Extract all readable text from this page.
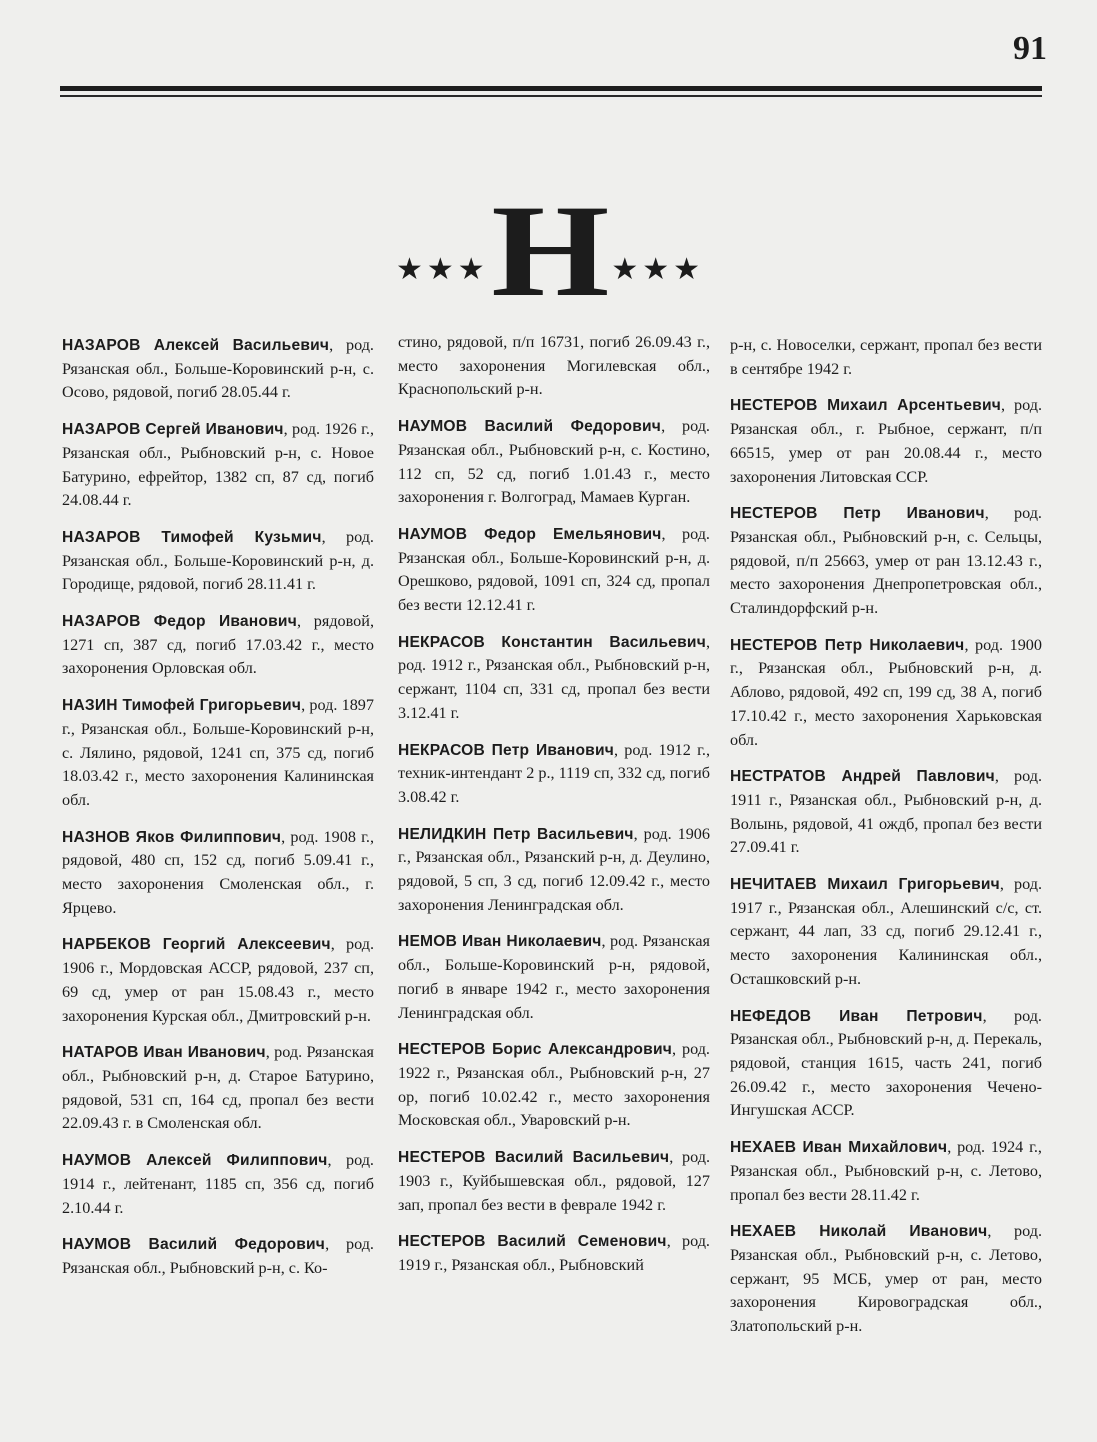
91
★★★ Н ★★★

НАЗАРОВ Алексей Васильевич, род. Рязанская обл., Больше-Коровинский р-н, с. Осово, рядовой, погиб 28.05.44 г.

НАЗАРОВ Сергей Иванович, род. 1926 г., Рязанская обл., Рыбновский р-н, с. Новое Батурино, ефрейтор, 1382 сп, 87 сд, погиб 24.08.44 г.

НАЗАРОВ Тимофей Кузьмич, род. Рязанская обл., Больше-Коровинский р-н, д. Городище, рядовой, погиб 28.11.41 г.

НАЗАРОВ Федор Иванович, рядовой, 1271 сп, 387 сд, погиб 17.03.42 г., место захоронения Орловская обл.

НАЗИН Тимофей Григорьевич, род. 1897 г., Рязанская обл., Больше-Коровинский р-н, с. Лялино, рядовой, 1241 сп, 375 сд, погиб 18.03.42 г., место захоронения Калининская обл.

НАЗНОВ Яков Филиппович, род. 1908 г., рядовой, 480 сп, 152 сд, погиб 5.09.41 г., место захоронения Смоленская обл., г. Ярцево.

НАРБЕКОВ Георгий Алексеевич, род. 1906 г., Мордовская АССР, рядовой, 237 сп, 69 сд, умер от ран 15.08.43 г., место захоронения Курская обл., Дмитровский р-н.

НАТАРОВ Иван Иванович, род. Рязанская обл., Рыбновский р-н, д. Старое Батурино, рядовой, 531 сп, 164 сд, пропал без вести 22.09.43 г. в Смоленская обл.

НАУМОВ Алексей Филиппович, род. 1914 г., лейтенант, 1185 сп, 356 сд, погиб 2.10.44 г.

НАУМОВ Василий Федорович, род. Рязанская обл., Рыбновский р-н, с. Ко-

стино, рядовой, п/п 16731, погиб 26.09.43 г., место захоронения Могилевская обл., Краснопольский р-н.

НАУМОВ Василий Федорович, род. Рязанская обл., Рыбновский р-н, с. Костино, 112 сп, 52 сд, погиб 1.01.43 г., место захоронения г. Волгоград, Мамаев Курган.

НАУМОВ Федор Емельянович, род. Рязанская обл., Больше-Коровинский р-н, д. Орешково, рядовой, 1091 сп, 324 сд, пропал без вести 12.12.41 г.

НЕКРАСОВ Константин Васильевич, род. 1912 г., Рязанская обл., Рыбновский р-н, сержант, 1104 сп, 331 сд, пропал без вести 3.12.41 г.

НЕКРАСОВ Петр Иванович, род. 1912 г., техник-интендант 2 р., 1119 сп, 332 сд, погиб 3.08.42 г.

НЕЛИДКИН Петр Васильевич, род. 1906 г., Рязанская обл., Рязанский р-н, д. Деулино, рядовой, 5 сп, 3 сд, погиб 12.09.42 г., место захоронения Ленинградская обл.

НЕМОВ Иван Николаевич, род. Рязанская обл., Больше-Коровинский р-н, рядовой, погиб в январе 1942 г., место захоронения Ленинградская обл.

НЕСТЕРОВ Борис Александрович, род. 1922 г., Рязанская обл., Рыбновский р-н, 27 ор, погиб 10.02.42 г., место захоронения Московская обл., Уваровский р-н.

НЕСТЕРОВ Василий Васильевич, род. 1903 г., Куйбышевская обл., рядовой, 127 зап, пропал без вести в феврале 1942 г.

НЕСТЕРОВ Василий Семенович, род. 1919 г., Рязанская обл., Рыбновский

р-н, с. Новоселки, сержант, пропал без вести в сентябре 1942 г.

НЕСТЕРОВ Михаил Арсентьевич, род. Рязанская обл., г. Рыбное, сержант, п/п 66515, умер от ран 20.08.44 г., место захоронения Литовская ССР.

НЕСТЕРОВ Петр Иванович, род. Рязанская обл., Рыбновский р-н, с. Сельцы, рядовой, п/п 25663, умер от ран 13.12.43 г., место захоронения Днепропетровская обл., Сталиндорфский р-н.

НЕСТЕРОВ Петр Николаевич, род. 1900 г., Рязанская обл., Рыбновский р-н, д. Аблово, рядовой, 492 сп, 199 сд, 38 А, погиб 17.10.42 г., место захоронения Харьковская обл.

НЕСТРАТОВ Андрей Павлович, род. 1911 г., Рязанская обл., Рыбновский р-н, д. Волынь, рядовой, 41 ождб, пропал без вести 27.09.41 г.

НЕЧИТАЕВ Михаил Григорьевич, род. 1917 г., Рязанская обл., Алешинский с/с, ст. сержант, 44 лап, 33 сд, погиб 29.12.41 г., место захоронения Калининская обл., Осташковский р-н.

НЕФЕДОВ Иван Петрович, род. Рязанская обл., Рыбновский р-н, д. Перекаль, рядовой, станция 1615, часть 241, погиб 26.09.42 г., место захоронения Чечено-Ингушская АССР.

НЕХАЕВ Иван Михайлович, род. 1924 г., Рязанская обл., Рыбновский р-н, с. Летово, пропал без вести 28.11.42 г.

НЕХАЕВ Николай Иванович, род. Рязанская обл., Рыбновский р-н, с. Летово, сержант, 95 МСБ, умер от ран, место захоронения Кировоградская обл., Златопольский р-н.
